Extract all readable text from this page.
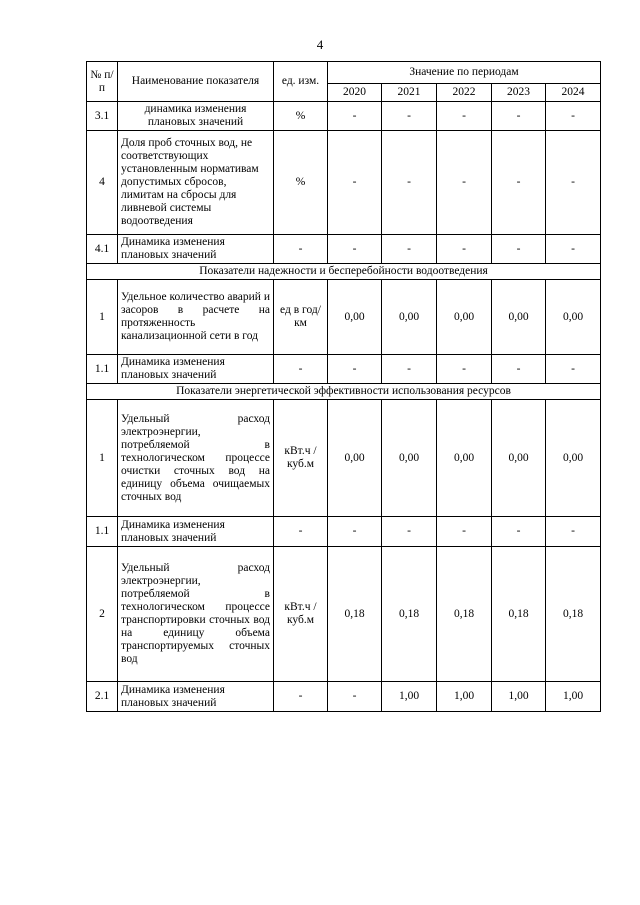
4
№ п/п	Наименование показателя	ед. изм.	Значение по периодам				
			2020	2021	2022	2023	2024
3.1	динамика изменения плановых значений	%	-	-	-	-	-
4	Доля проб сточных вод, не соответствующих установленным нормативам допустимых сбросов, лимитам на сбросы для ливневой системы водоотведения	%	-	-	-	-	-
4.1	Динамика изменения плановых значений	-	-	-	-	-	-
Показатели надежности и бесперебойности водоотведения							
1	Удельное количество аварий и засоров в расчете на протяженность канализационной сети в год	ед в год/ км	0,00	0,00	0,00	0,00	0,00
1.1	Динамика изменения плановых значений	-	-	-	-	-	-
Показатели энергетической эффективности использования ресурсов							
1	Удельный расход электроэнергии, потребляемой в технологическом процессе очистки сточных вод на единицу объема очищаемых сточных вод	кВт.ч / куб.м	0,00	0,00	0,00	0,00	0,00
1.1	Динамика изменения плановых значений	-	-	-	-	-	-
2	Удельный расход электроэнергии, потребляемой в технологическом процессе транспортировки сточных вод на единицу объема транспортируемых сточных вод	кВт.ч / куб.м	0,18	0,18	0,18	0,18	0,18
2.1	Динамика изменения плановых значений	-	-	1,00	1,00	1,00	1,00
